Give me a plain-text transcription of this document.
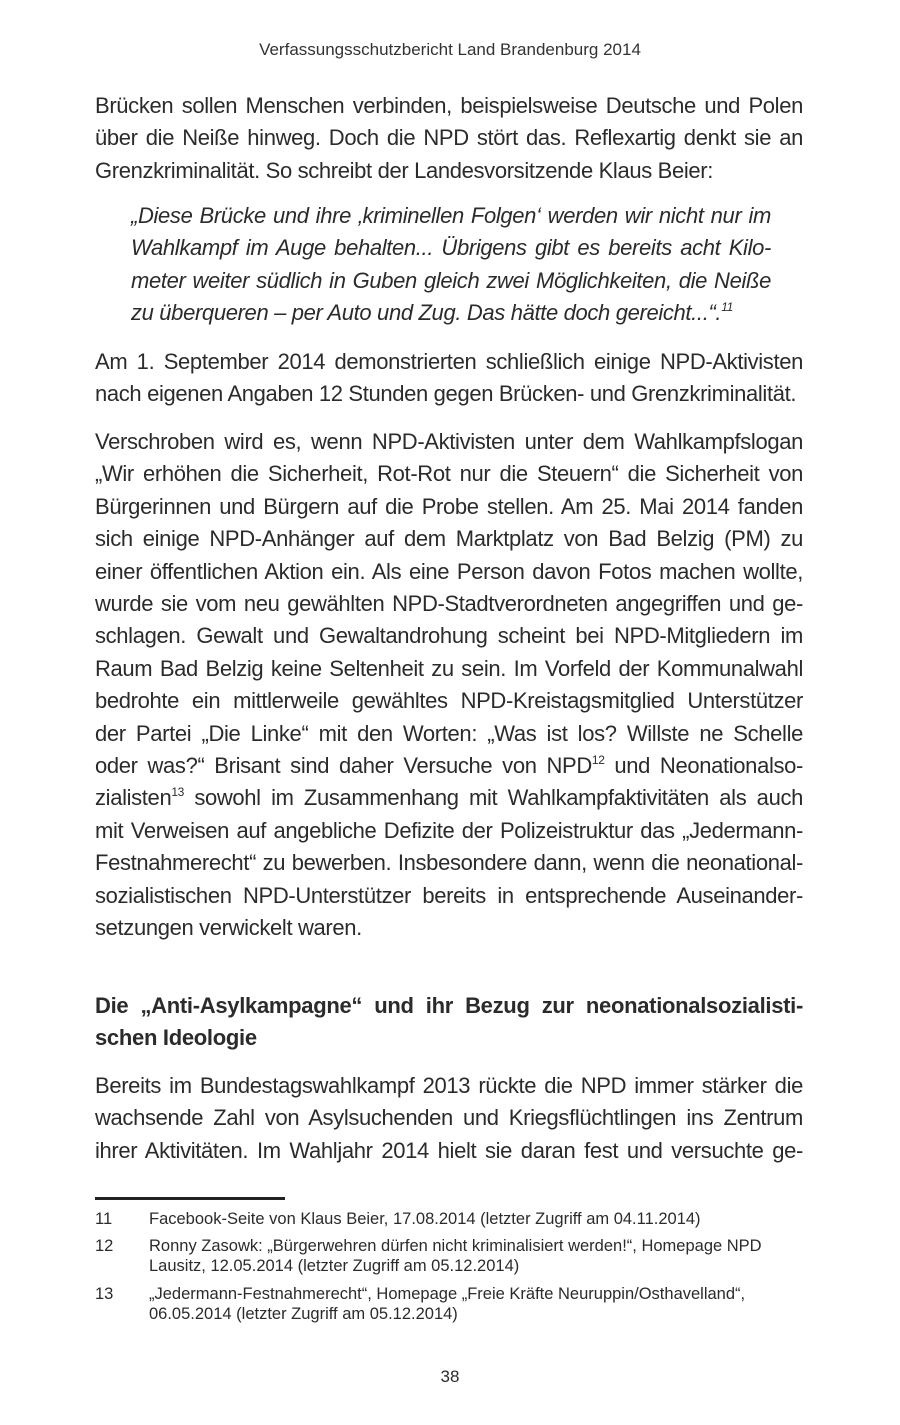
Verfassungsschutzbericht Land Brandenburg 2014
Brücken sollen Menschen verbinden, beispielsweise Deutsche und Polen
über die Neiße hinweg. Doch die NPD stört das. Reflexartig denkt sie an
Grenzkriminalität. So schreibt der Landesvorsitzende Klaus Beier:
„Diese Brücke und ihre ‚kriminellen Folgen‘ werden wir nicht nur im
Wahlkampf im Auge behalten... Übrigens gibt es bereits acht Kilo-
meter weiter südlich in Guben gleich zwei Möglichkeiten, die Neiße
zu überqueren – per Auto und Zug. Das hätte doch gereicht...“.$^{11}$
Am 1. September 2014 demonstrierten schließlich einige NPD-Aktivisten
nach eigenen Angaben 12 Stunden gegen Brücken- und Grenzkriminalität.
Verschroben wird es, wenn NPD-Aktivisten unter dem Wahlkampfslogan
„Wir erhöhen die Sicherheit, Rot-Rot nur die Steuern“ die Sicherheit von
Bürgerinnen und Bürgern auf die Probe stellen. Am 25. Mai 2014 fanden
sich einige NPD-Anhänger auf dem Marktplatz von Bad Belzig (PM) zu
einer öffentlichen Aktion ein. Als eine Person davon Fotos machen wollte,
wurde sie vom neu gewählten NPD-Stadtverordneten angegriffen und ge-
schlagen. Gewalt und Gewaltandrohung scheint bei NPD-Mitgliedern im
Raum Bad Belzig keine Seltenheit zu sein. Im Vorfeld der Kommunalwahl
bedrohte ein mittlerweile gewähltes NPD-Kreistagsmitglied Unterstützer
der Partei „Die Linke“ mit den Worten: „Was ist los? Willste ne Schelle
oder was?“ Brisant sind daher Versuche von NPD$^{12}$ und Neonationalso-
zialisten$^{13}$ sowohl im Zusammenhang mit Wahlkampfaktivitäten als auch
mit Verweisen auf angebliche Defizite der Polizeistruktur das „Jedermann-
Festnahmerecht“ zu bewerben. Insbesondere dann, wenn die neonational-
sozialistischen NPD-Unterstützer bereits in entsprechende Auseinander-
setzungen verwickelt waren.
Die „Anti-Asylkampagne“ und ihr Bezug zur neonationalsozialisti-
schen Ideologie
Bereits im Bundestagswahlkampf 2013 rückte die NPD immer stärker die
wachsende Zahl von Asylsuchenden und Kriegsflüchtlingen ins Zentrum
ihrer Aktivitäten. Im Wahljahr 2014 hielt sie daran fest und versuchte ge-
11	Facebook-Seite von Klaus Beier, 17.08.2014 (letzter Zugriff am 04.11.2014)
12	Ronny Zasowk: „Bürgerwehren dürfen nicht kriminalisiert werden!“, Homepage NPD
Lausitz, 12.05.2014 (letzter Zugriff am 05.12.2014)
13	„Jedermann-Festnahmerecht“, Homepage „Freie Kräfte Neuruppin/Osthavelland“,
06.05.2014 (letzter Zugriff am 05.12.2014)
38
